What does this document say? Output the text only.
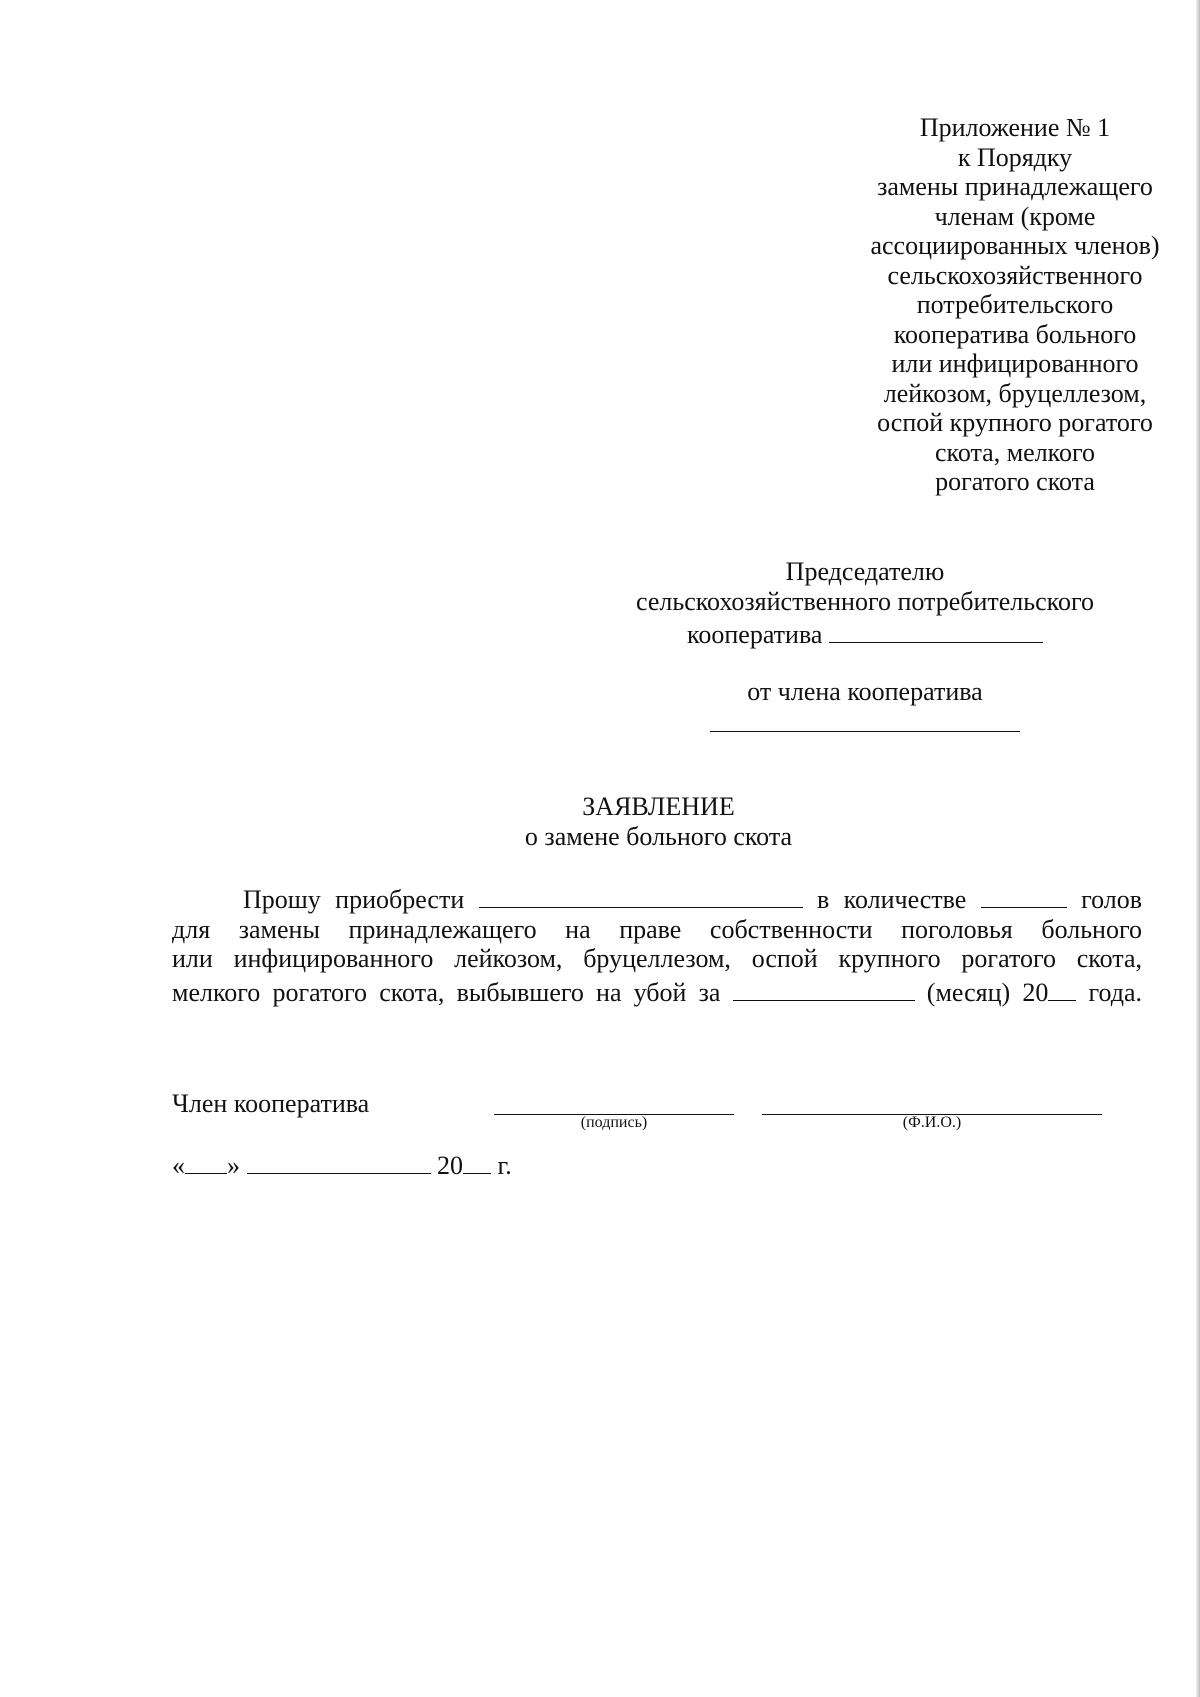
Приложение № 1
к Порядку
замены принадлежащего
членам (кроме
ассоциированных членов)
сельскохозяйственного
потребительского
кооператива больного
или инфицированного
лейкозом, бруцеллезом,
оспой крупного рогатого
скота, мелкого
рогатого скота
Председателю
сельскохозяйственного потребительского
кооператива
от члена кооператива
ЗАЯВЛЕНИЕ
о замене больного скота

Прошу приобрести	в количестве	голов

для замены принадлежащего на праве собственности поголовья больного

или инфицированного лейкозом, бруцеллезом, оспой крупного рогатого скота,

мелкого рогатого скота, выбывшего на убой за	(месяц) 20 года.

Член кооператива
(подпись)	(Ф.И.О.)
« »	20 г.
